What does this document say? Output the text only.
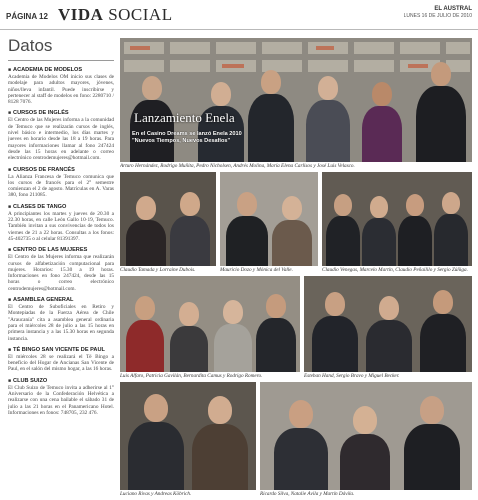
PÁGINA 12 VIDA SOCIAL	EL AUSTRAL
LUNES 16 DE JULIO DE 2010
Datos
■ ACADEMIA DE MODELOS
Academia de Modelos OM inicio sus clases de modelaje para adultos mayores, jóvenes, niños/lleva infantil. Puede inscribirse y pertenecer al staff de modelos en fono: 2280710 / 8128 7076.
■ CURSOS DE INGLÉS
El Centro de las Mujeres informa a la comunidad de Temuco que se realizarán cursos de inglés, nivel básico e intermedio, los días martes y jueves en horario desde las 18 a 19 horas. Para mayores informaciones llamar al fono 247424 desde las 15 horas en adelante o correo electrónico centrodemujeres@hotmail.com.
■ CURSOS DE FRANCÉS
La Alianza Francesa de Temuco comunica que los cursos de francés para el 2° semestre comienzan el 2 de agosto. Matrículas en A. Varas 380, fono 211085.
■ CLASES DE TANGO
A principiantes los martes y jueves de 20.30 a 22.30 horas, en calle León Gallo 10·19, Temuco. También invitan a sus convivencias de todos los viernes de 21 a 22 horas. Consultas a los fonos: 45-402735 o al celular 81391397.
■ CENTRO DE LAS MUJERES
El Centro de las Mujeres informa que realizarán cursos de alfabetización computacional para mujeres. Horarios: 15.30 a 19 horas. Informaciones en fono 247424, desde las 15 horas o correo electrónico centrodemujeres@hotmail.com.
■ ASAMBLEA GENERAL
El Centro de Suboficiales en Retiro y Montepiadas de la Fuerza Aérea de Chile "Araucanía" cita a asamblea general ordinaria para el miércoles 28 de julio a las 15 horas en primera instancia y a las 15.30 horas en segunda instancia.
■ TÉ BINGO SAN VICENTE DE PAUL
El miércoles 28 se realizará el Té Bingo a beneficio del Hogar de Ancianas San Vicente de Paul, en el salón del mismo hogar, a las 16 horas.
■ CLUB SUIZO
El Club Suizo de Temuco invita a adherirse al 1° Aniversario de la Confederación Helvética a realizarse con una cena bailable el sábado 31 de julio a las 21 horas en el Panamericano Hotel. Informaciones en fonos: 748705, 232 476.
Lanzamiento Enela
En el Casino Dreams se lanzó Enela 2010
"Nuevos Tiempos, Nuevos Desafíos"
Arturo Hernández, Rodrigo Muñita, Pedro Nicholsen, Andrés Molina, María Elena Carlisos y José Luis Velasco.
Claudio Tamada y Lorraine Dubois.	Mauricio Dozo y Mónica del Valle.	Claudio Venegas, Marcelo Martín, Claudio Peñaililo y Sergio Zúñiga.
Luis Alfaro, Patricia Gavilán, Bernardita Camus y Rodrigo Romero.	Esteban Hand, Sergio Bravo y Miguel Becker.
Luciano Rivas y Andreas Köbrich.	Ricardo Silva, Natalie Ávila y Martín Dávila.
